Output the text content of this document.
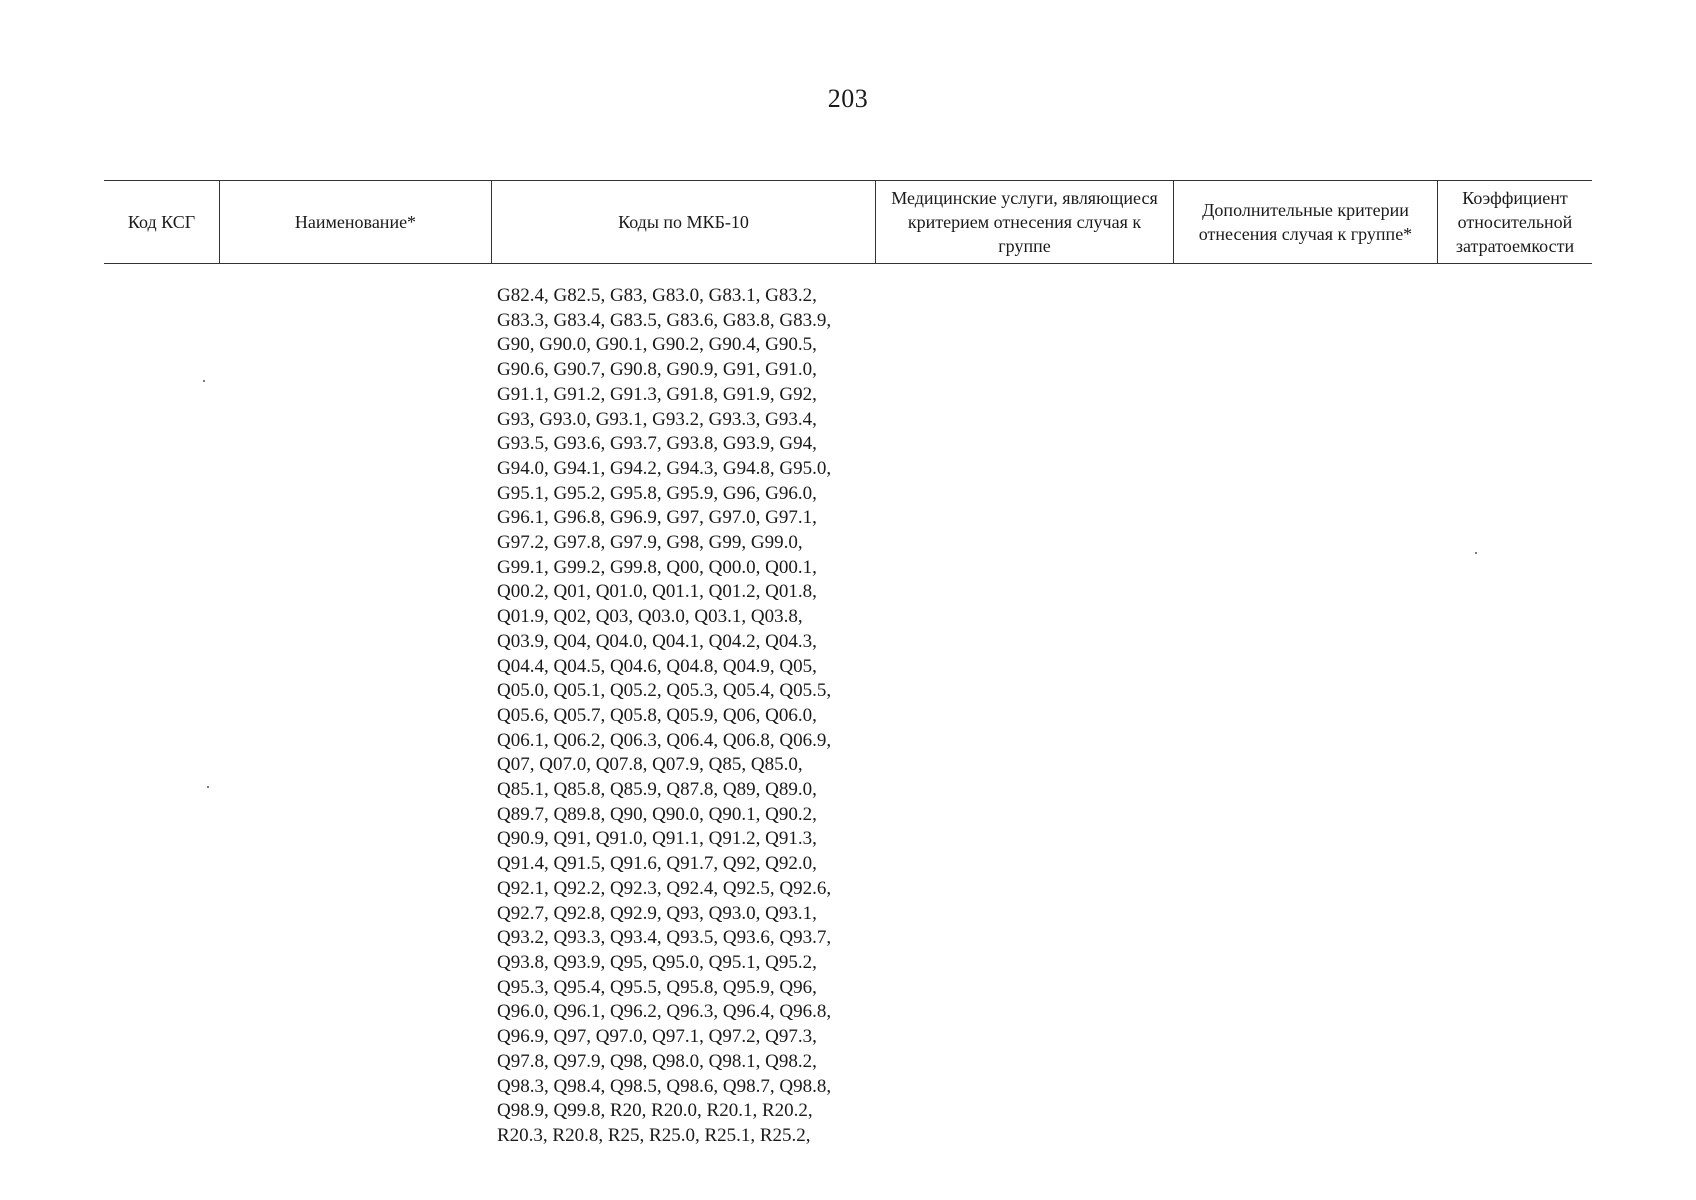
203
Код КСГ	Наименование*	Коды по МКБ-10
Медицинские услуги, являющиеся критерием отнесения случая к группе
Дополнительные критерии отнесения случая к группе*
Коэффициент относительной затратоемкости
G82.4, G82.5, G83, G83.0, G83.1, G83.2,
G83.3, G83.4, G83.5, G83.6, G83.8, G83.9,
G90, G90.0, G90.1, G90.2, G90.4, G90.5,
G90.6, G90.7, G90.8, G90.9, G91, G91.0,
G91.1, G91.2, G91.3, G91.8, G91.9, G92,
G93, G93.0, G93.1, G93.2, G93.3, G93.4,
G93.5, G93.6, G93.7, G93.8, G93.9, G94,
G94.0, G94.1, G94.2, G94.3, G94.8, G95.0,
G95.1, G95.2, G95.8, G95.9, G96, G96.0,
G96.1, G96.8, G96.9, G97, G97.0, G97.1,
G97.2, G97.8, G97.9, G98, G99, G99.0,
G99.1, G99.2, G99.8, Q00, Q00.0, Q00.1,
Q00.2, Q01, Q01.0, Q01.1, Q01.2, Q01.8,
Q01.9, Q02, Q03, Q03.0, Q03.1, Q03.8,
Q03.9, Q04, Q04.0, Q04.1, Q04.2, Q04.3,
Q04.4, Q04.5, Q04.6, Q04.8, Q04.9, Q05,
Q05.0, Q05.1, Q05.2, Q05.3, Q05.4, Q05.5,
Q05.6, Q05.7, Q05.8, Q05.9, Q06, Q06.0,
Q06.1, Q06.2, Q06.3, Q06.4, Q06.8, Q06.9,
Q07, Q07.0, Q07.8, Q07.9, Q85, Q85.0,
Q85.1, Q85.8, Q85.9, Q87.8, Q89, Q89.0,
Q89.7, Q89.8, Q90, Q90.0, Q90.1, Q90.2,
Q90.9, Q91, Q91.0, Q91.1, Q91.2, Q91.3,
Q91.4, Q91.5, Q91.6, Q91.7, Q92, Q92.0,
Q92.1, Q92.2, Q92.3, Q92.4, Q92.5, Q92.6,
Q92.7, Q92.8, Q92.9, Q93, Q93.0, Q93.1,
Q93.2, Q93.3, Q93.4, Q93.5, Q93.6, Q93.7,
Q93.8, Q93.9, Q95, Q95.0, Q95.1, Q95.2,
Q95.3, Q95.4, Q95.5, Q95.8, Q95.9, Q96,
Q96.0, Q96.1, Q96.2, Q96.3, Q96.4, Q96.8,
Q96.9, Q97, Q97.0, Q97.1, Q97.2, Q97.3,
Q97.8, Q97.9, Q98, Q98.0, Q98.1, Q98.2,
Q98.3, Q98.4, Q98.5, Q98.6, Q98.7, Q98.8,
Q98.9, Q99.8, R20, R20.0, R20.1, R20.2,
R20.3, R20.8, R25, R25.0, R25.1, R25.2,
